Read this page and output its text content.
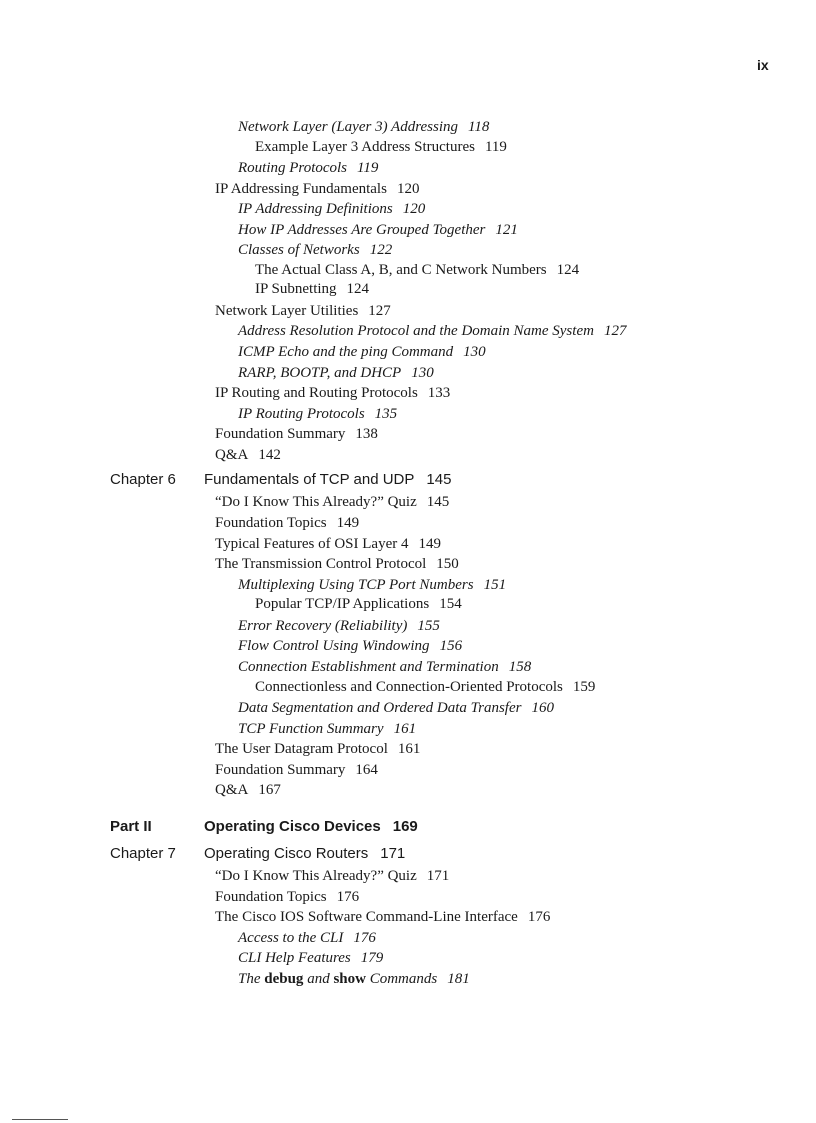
ix
Network Layer (Layer 3) Addressing 118
Example Layer 3 Address Structures 119
Routing Protocols 119
IP Addressing Fundamentals 120
IP Addressing Definitions 120
How IP Addresses Are Grouped Together 121
Classes of Networks 122
The Actual Class A, B, and C Network Numbers 124
IP Subnetting 124
Network Layer Utilities 127
Address Resolution Protocol and the Domain Name System 127
ICMP Echo and the ping Command 130
RARP, BOOTP, and DHCP 130
IP Routing and Routing Protocols 133
IP Routing Protocols 135
Foundation Summary 138
Q&A 142
Chapter 6 Fundamentals of TCP and UDP 145
“Do I Know This Already?” Quiz 145
Foundation Topics 149
Typical Features of OSI Layer 4 149
The Transmission Control Protocol 150
Multiplexing Using TCP Port Numbers 151
Popular TCP/IP Applications 154
Error Recovery (Reliability) 155
Flow Control Using Windowing 156
Connection Establishment and Termination 158
Connectionless and Connection-Oriented Protocols 159
Data Segmentation and Ordered Data Transfer 160
TCP Function Summary 161
The User Datagram Protocol 161
Foundation Summary 164
Q&A 167
Part II	Operating Cisco Devices 169
Chapter 7 Operating Cisco Routers 171
“Do I Know This Already?” Quiz 171
Foundation Topics 176
The Cisco IOS Software Command-Line Interface 176
Access to the CLI 176
CLI Help Features 179
The debug and show Commands 181
